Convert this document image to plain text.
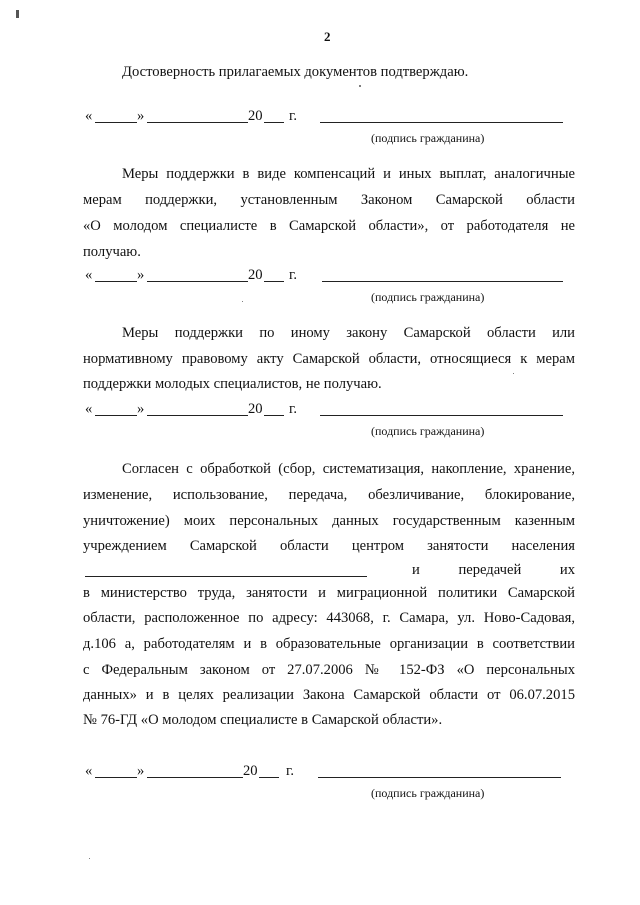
2
Достоверность прилагаемых документов подтверждаю.
«	»	20 г.
(подпись гражданина)
Меры поддержки в виде компенсаций и иных выплат, аналогичные
мерам поддержки, установленным Законом Самарской области
«О молодом специалисте в Самарской области», от работодателя не
получаю.
«	»	20 г.
(подпись гражданина)
Меры поддержки по иному закону Самарской области или
нормативному правовому акту Самарской области, относящиеся к мерам
поддержки молодых специалистов, не получаю.
«	»	20 г.
(подпись гражданина)
Согласен с обработкой (сбор, систематизация, накопление, хранение,
изменение, использование, передача, обезличивание, блокирование,
уничтожение) моих персональных данных государственным казенным
учреждением Самарской области центром занятости населения
и передачей их
в министерство труда, занятости и миграционной политики Самарской
области, расположенное по адресу: 443068, г. Самара, ул. Ново-Садовая,
д.106 а, работодателям и в образовательные организации в соответствии
с Федеральным законом от 27.07.2006 № 152-ФЗ «О персональных
данных» и в целях реализации Закона Самарской области от 06.07.2015
№ 76-ГД «О молодом специалисте в Самарской области».
«	»	20 г.
(подпись гражданина)
